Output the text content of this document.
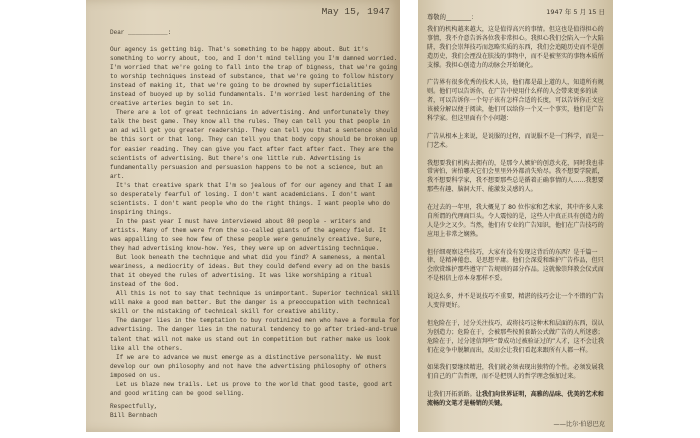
May 15, 1947
Dear ___________:

Our agency is getting big. That's something to be happy about. But it's something to worry about, too, and I don't mind telling you I'm damned worried. I'm worried that we're going to fall into the trap of bigness, that we're going to worship techniques instead of substance, that we're going to follow history instead of making it, that we're going to be drowned by superficialities instead of buoyed up by solid fundamentals. I'm worried lest hardening of the creative arteries begin to set in.

There are a lot of great technicians in advertising. And unfortunately they talk the best game. They know all the rules. They can tell you that people in an ad will get you greater readership. They can tell you that a sentence should be this sort or that long. They can tell you that body copy should be broken up for easier reading. They can give you fact after fact after fact. They are the scientists of advertising. But there's one little rub. Advertising is fundamentally persuasion and persuasion happens to be not a science, but an art.

It's that creative spark that I'm so jealous of for our agency and that I am so desperately fearful of losing. I don't want academicians. I don't want scientists. I don't want people who do the right things. I want people who do inspiring things.

In the past year I must have interviewed about 80 people - writers and artists. Many of them were from the so-called giants of the agency field. It was appalling to see how few of these people were genuinely creative. Sure, they had advertising know-how. Yes, they were up on advertising technique.

But look beneath the technique and what did you find? A sameness, a mental weariness, a mediocrity of ideas. But they could defend every ad on the basis that it obeyed the rules of advertising. It was like worshiping a ritual instead of the God.

All this is not to say that technique is unimportant. Superior technical skill will make a good man better. But the danger is a preoccupation with technical skill or the mistaking of technical skill for creative ability.

The danger lies in the temptation to buy routinized men who have a formula for advertising. The danger lies in the natural tendency to go after tried-and-true talent that will not make us stand out in competition but rather make us look like all the others.

If we are to advance we must emerge as a distinctive personality. We must develop our own philosophy and not have the advertising philosophy of others imposed on us.

Let us blaze new trails. Let us prove to the world that good taste, good art and good writing can be good selling.

Respectfully,
Bill Bernbach
尊敬的________：
1947 年 5 月 15 日

我们的机构越来越大，这是值得高兴的事情。但这也是值得担心的事情，我不介意告诉各位我非常担心。我担心我们会陷入一个大陷阱，我们会崇拜技巧而忽略实质的东西，我们会追随历史而不是创造历史，我们会湮没在肤浅的事物中，而不是被坚实的事物本质所支撑。我担心创造力的动脉会开始硬化。

广告界有很多优秀的技术人员，他们都是最上道的人，知道所有规则。他们可以告诉你，在广告中使用什么样的人会带来更多的读者，可以告诉你一个句子该有怎样合适的长度，可以告诉你正文应该被分解以便于阅读，他们可以给你一个又一个事实，他们是广告科学家。但这里面有个小问题：

广告从根本上来说，是说服的过程，而说服不是一门科学，而是一门艺术。

我想要我们机构去拥有的，是那令人嫉妒的创意火花，同时我也非常害怕，害怕哪天它们会里里外外都消失殆尽。我不想要学院派，我不想要科学家，我不想要那些总是循着正确事情的人……我想要那些有趣、脑洞大开、能激发灵感的人。

在过去的一年里，我大概见了 80 位作家和艺术家，其中许多人来自所谓的代理商巨头。令人震惊的是，这些人中真正具有创造力的人是少之又少。当然，他们有专业的广告知识，他们在广告技巧的应用上非常之娴熟。

但仔细观察这些技巧，大家有没有发现这背后的东西？是千篇一律、是精神倦怠、是思想平庸。他们会深爱和维护广告作品，但只会欣赏维护那些遵守广告规则的部分作品。这就像崇拜教会仪式而不是相信上帝本身那样不妥。

说这么多，并不是说技巧不重要，精湛的技巧会让一个不错的广告人变得更好。

但危险在于，过分关注技巧，或将技巧这种术和层面的东西，误认为创造力；危险在于，会被那些按照套路公式做广告的人所迷惑；危险在于，过分迷信拜些“曾成功过被验证过的”人才，这不会让我们在竞争中脱颖而出，反而会让我们看起来跟所有人都一样。

如果我们要继续精进，我们就必须表现出独特的个性。必须发展我们自己的广告哲理，而不是把别人的哲学理念强加过来。

让我们开拓新路。让我们向世界证明，高雅的品味、优美的艺术和流畅的文笔才是畅销的关键。

——比尔·伯恩巴克
